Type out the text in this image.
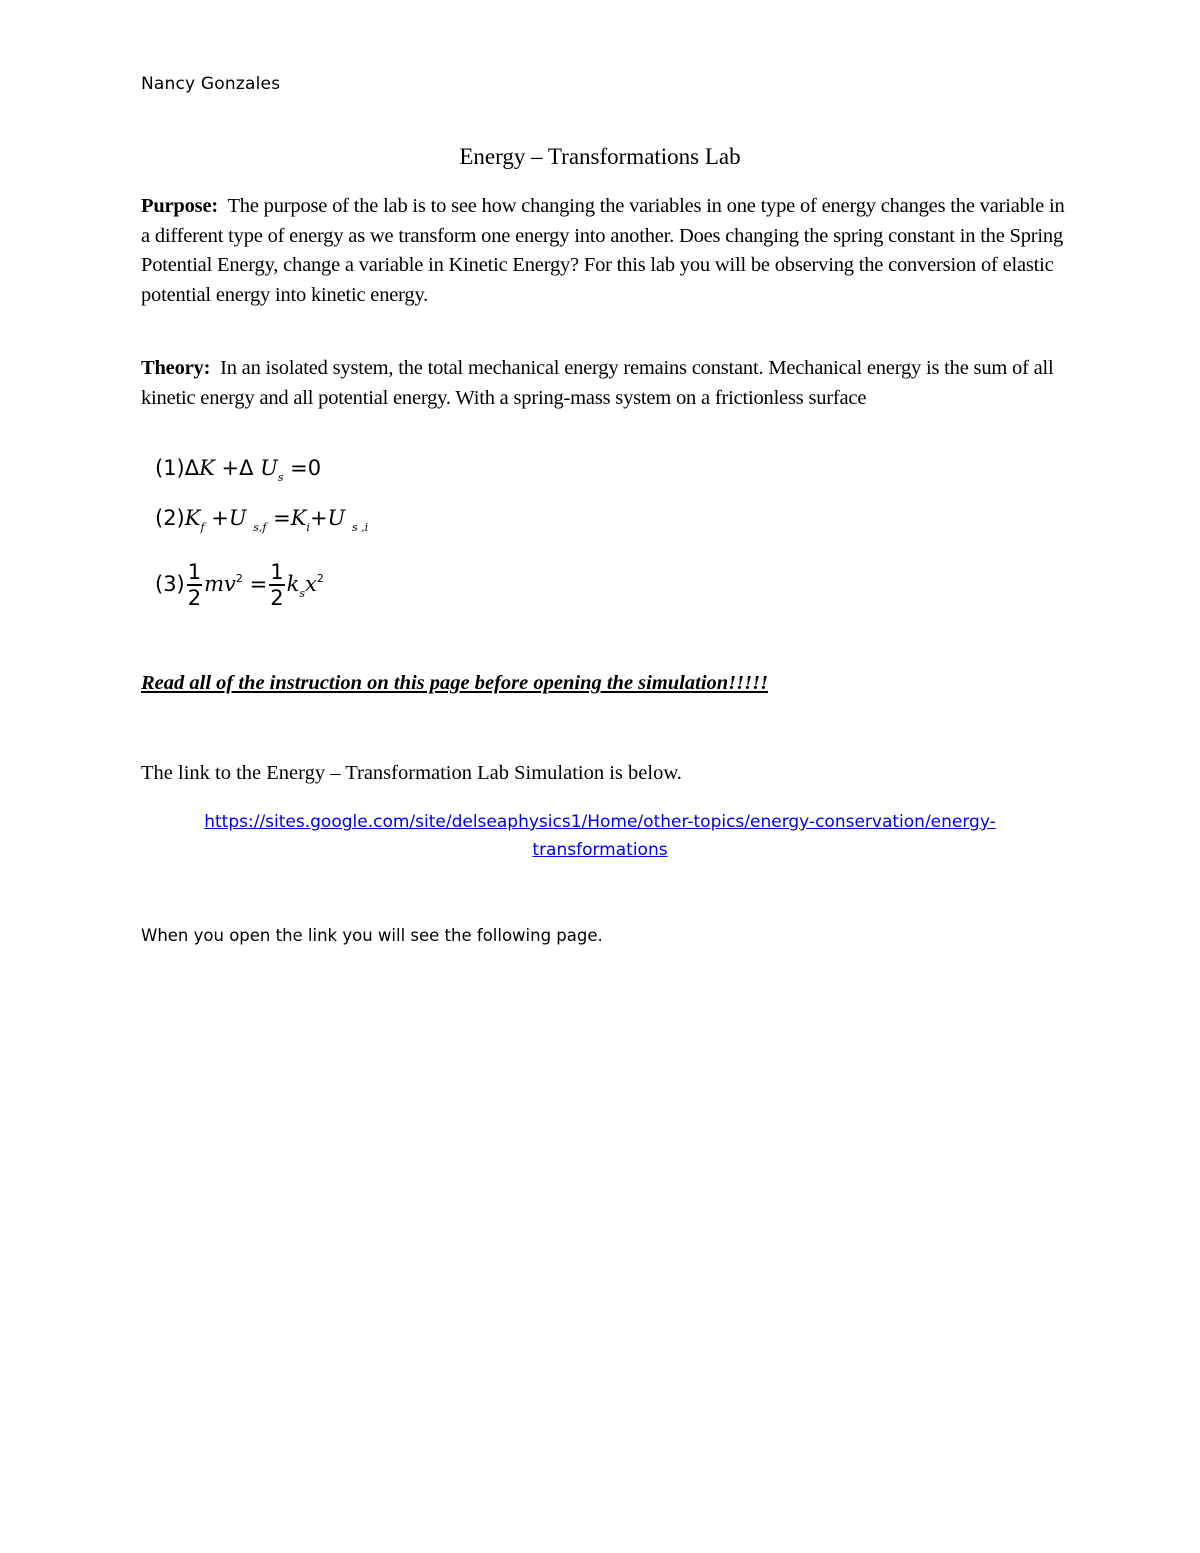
Nancy Gonzales
Energy – Transformations Lab
Purpose: The purpose of the lab is to see how changing the variables in one type of energy changes the variable in a different type of energy as we transform one energy into another. Does changing the spring constant in the Spring Potential Energy, change a variable in Kinetic Energy? For this lab you will be observing the conversion of elastic potential energy into kinetic energy.
Theory: In an isolated system, the total mechanical energy remains constant. Mechanical energy is the sum of all kinetic energy and all potential energy. With a spring-mass system on a frictionless surface
(1)ΔK +Δ $U_s =0$
$(2)K_f +U$ $_{s,f} =K_i+U$ $_{s ,i}$
$(3) \frac{1}{2} mv^2 = \frac{1}{2} k_sx^2$
Read all of the instruction on this page before opening the simulation!!!!!
The link to the Energy – Transformation Lab Simulation is below.
https://sites.google.com/site/delseaphysics1/Home/other-topics/energy-conservation/energy-
transformations
When you open the link you will see the following page.
